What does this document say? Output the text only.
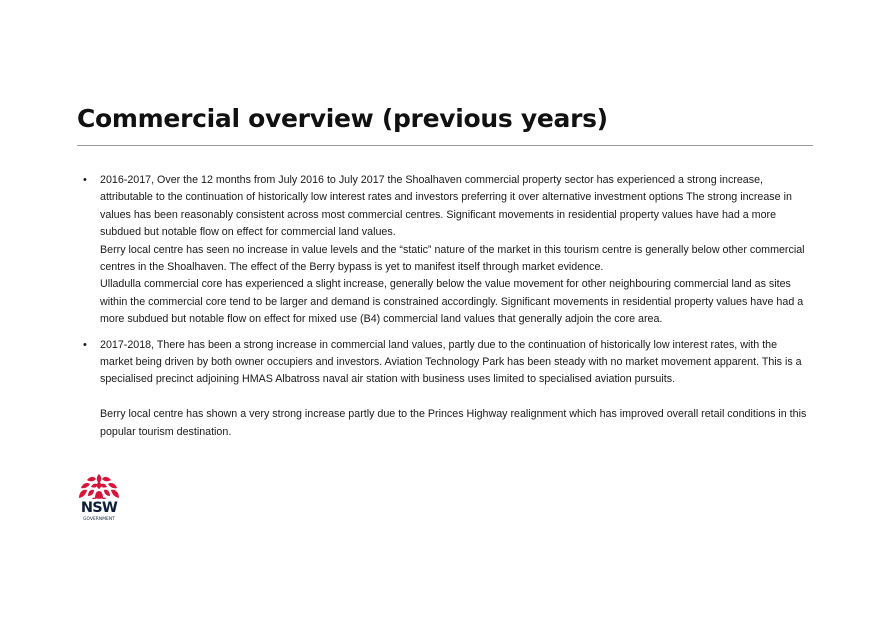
Commercial overview (previous years)
• 2016-2017, Over the 12 months from July 2016 to July 2017 the Shoalhaven commercial property sector has experienced a strong increase, attributable to the continuation of historically low interest rates and investors preferring it over alternative investment options The strong increase in values has been reasonably consistent across most commercial centres. Significant movements in residential property values have had a more subdued but notable flow on effect for commercial land values.

Berry local centre has seen no increase in value levels and the “static” nature of the market in this tourism centre is generally below other commercial centres in the Shoalhaven. The effect of the Berry bypass is yet to manifest itself through market evidence.

Ulladulla commercial core has experienced a slight increase, generally below the value movement for other neighbouring commercial land as sites within the commercial core tend to be larger and demand is constrained accordingly. Significant movements in residential property values have had a more subdued but notable flow on effect for mixed use (B4) commercial land values that generally adjoin the core area.

• 2017-2018, There has been a strong increase in commercial land values, partly due to the continuation of historically low interest rates, with the market being driven by both owner occupiers and investors. Aviation Technology Park has been steady with no market movement apparent. This is a specialised precinct adjoining HMAS Albatross naval air station with business uses limited to specialised aviation pursuits.

Berry local centre has shown a very strong increase partly due to the Princes Highway realignment which has improved overall retail conditions in this popular tourism destination.

NSW
GOVERNMENT
